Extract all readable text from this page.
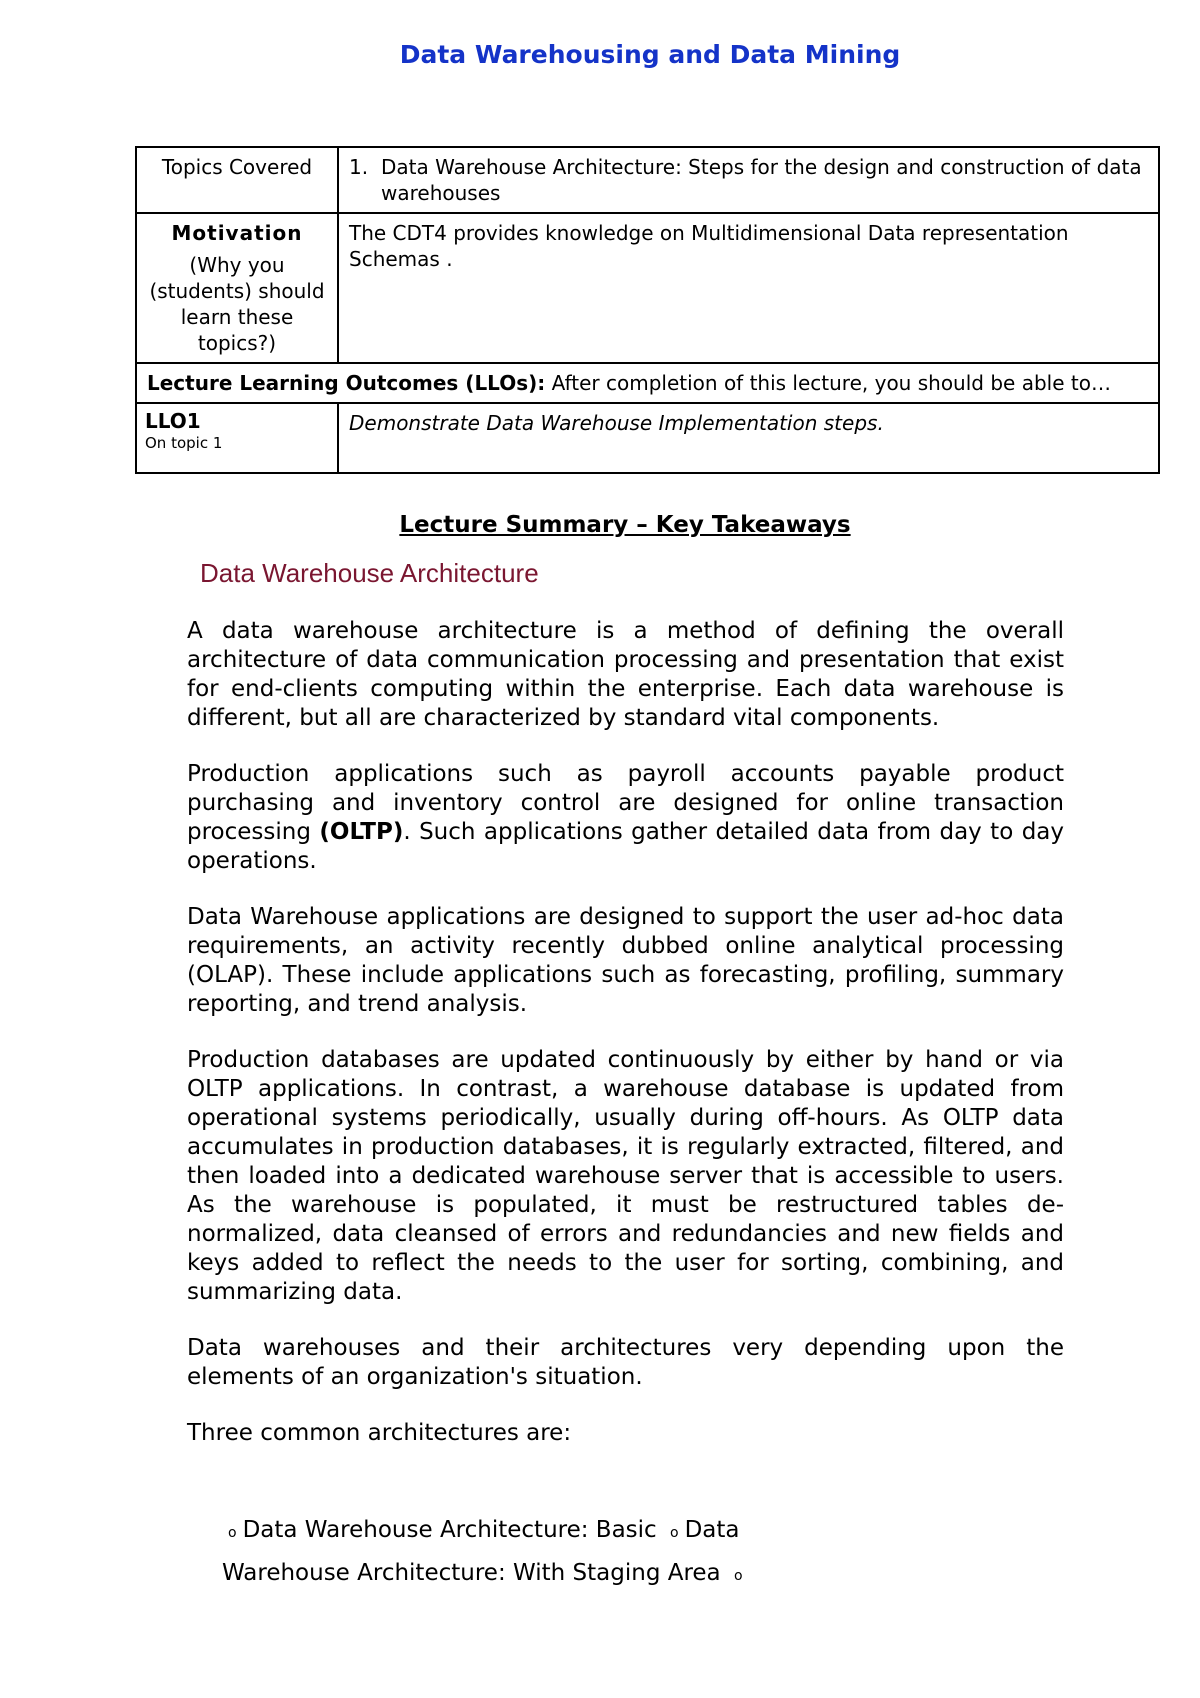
Data Warehousing and Data Mining
Topics Covered	1. Data Warehouse Architecture: Steps for the design and construction of data warehouses

Motivation
(Why you (students) should learn these topics?)	The CDT4 provides knowledge on Multidimensional Data representation Schemas .
Lecture Learning Outcomes (LLOs): After completion of this lecture, you should be able to…	
LLO1
On topic 1	Demonstrate Data Warehouse Implementation steps.
Lecture Summary – Key Takeaways
Data Warehouse Architecture

A data warehouse architecture is a method of defining the overall architecture of data communication processing and presentation that exist for end-clients computing within the enterprise. Each data warehouse is different, but all are characterized by standard vital components.

Production applications such as payroll accounts payable product purchasing and inventory control are designed for online transaction processing (OLTP). Such applications gather detailed data from day to day operations.

Data Warehouse applications are designed to support the user ad-hoc data requirements, an activity recently dubbed online analytical processing (OLAP). These include applications such as forecasting, profiling, summary reporting, and trend analysis.

Production databases are updated continuously by either by hand or via OLTP applications. In contrast, a warehouse database is updated from operational systems periodically, usually during off-hours. As OLTP data accumulates in production databases, it is regularly extracted, filtered, and then loaded into a dedicated warehouse server that is accessible to users. As the warehouse is populated, it must be restructured tables de-normalized, data cleansed of errors and redundancies and new fields and keys added to reflect the needs to the user for sorting, combining, and summarizing data.

Data warehouses and their architectures very depending upon the elements of an organization's situation.

Three common architectures are:

o Data Warehouse Architecture: Basic o Data Warehouse Architecture: With Staging Area o
